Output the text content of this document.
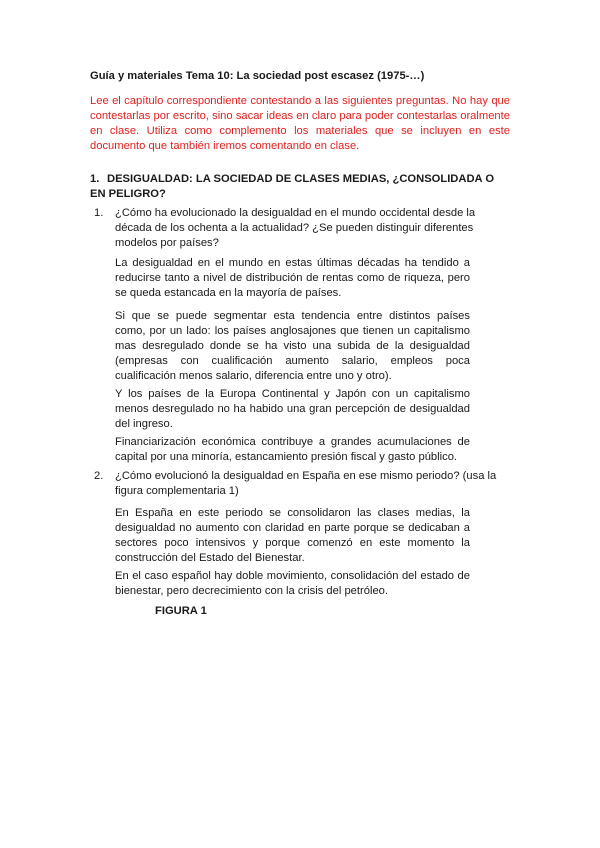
Guía y materiales Tema 10: La sociedad post escasez (1975-…)
Lee el capítulo correspondiente contestando a las siguientes preguntas. No hay que contestarlas por escrito, sino sacar ideas en claro para poder contestarlas oralmente en clase. Utiliza como complemento los materiales que se incluyen en este documento que también iremos comentando en clase.
1. DESIGUALDAD: LA SOCIEDAD DE CLASES MEDIAS, ¿CONSOLIDADA O EN PELIGRO?
1. ¿Cómo ha evolucionado la desigualdad en el mundo occidental desde la década de los ochenta a la actualidad? ¿Se pueden distinguir diferentes modelos por países?
La desigualdad en el mundo en estas últimas décadas ha tendido a reducirse tanto a nivel de distribución de rentas como de riqueza, pero se queda estancada en la mayoría de países.
Si que se puede segmentar esta tendencia entre distintos países como, por un lado: los países anglosajones que tienen un capitalismo mas desregulado donde se ha visto una subida de la desigualdad (empresas con cualificación aumento salario, empleos poca cualificación menos salario, diferencia entre uno y otro).
Y los países de la Europa Continental y Japón con un capitalismo menos desregulado no ha habido una gran percepción de desigualdad del ingreso.
Financiarización económica contribuye a grandes acumulaciones de capital por una minoría, estancamiento presión fiscal y gasto público.
2. ¿Cómo evolucionó la desigualdad en España en ese mismo periodo? (usa la figura complementaria 1)
En España en este periodo se consolidaron las clases medias, la desigualdad no aumento con claridad en parte porque se dedicaban a sectores poco intensivos y porque comenzó en este momento la construcción del Estado del Bienestar.
En el caso español hay doble movimiento, consolidación del estado de bienestar, pero decrecimiento con la crisis del petróleo.
FIGURA 1
